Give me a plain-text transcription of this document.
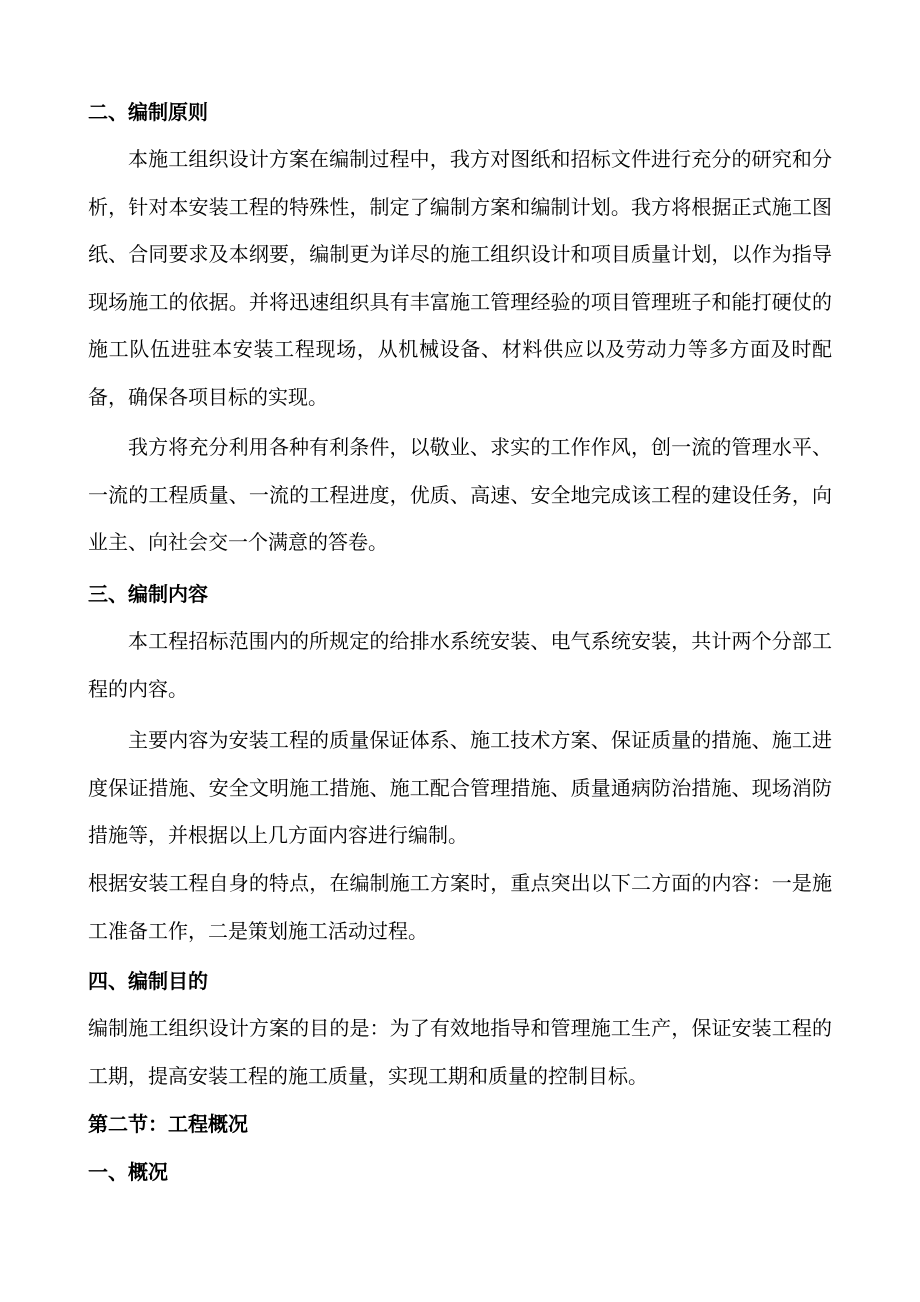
二、编制原则

本施工组织设计方案在编制过程中，我方对图纸和招标文件进行充分的研究和分析，针对本安装工程的特殊性，制定了编制方案和编制计划。我方将根据正式施工图纸、合同要求及本纲要，编制更为详尽的施工组织设计和项目质量计划，以作为指导现场施工的依据。并将迅速组织具有丰富施工管理经验的项目管理班子和能打硬仗的施工队伍进驻本安装工程现场，从机械设备、材料供应以及劳动力等多方面及时配备，确保各项目标的实现。

我方将充分利用各种有利条件，以敬业、求实的工作作风，创一流的管理水平、一流的工程质量、一流的工程进度，优质、高速、安全地完成该工程的建设任务，向业主、向社会交一个满意的答卷。

三、编制内容

本工程招标范围内的所规定的给排水系统安装、电气系统安装，共计两个分部工程的内容。

主要内容为安装工程的质量保证体系、施工技术方案、保证质量的措施、施工进度保证措施、安全文明施工措施、施工配合管理措施、质量通病防治措施、现场消防措施等，并根据以上几方面内容进行编制。

根据安装工程自身的特点，在编制施工方案时，重点突出以下二方面的内容：一是施工准备工作，二是策划施工活动过程。

四、编制目的

编制施工组织设计方案的目的是：为了有效地指导和管理施工生产，保证安装工程的工期，提高安装工程的施工质量，实现工期和质量的控制目标。

第二节：工程概况
一、概况
